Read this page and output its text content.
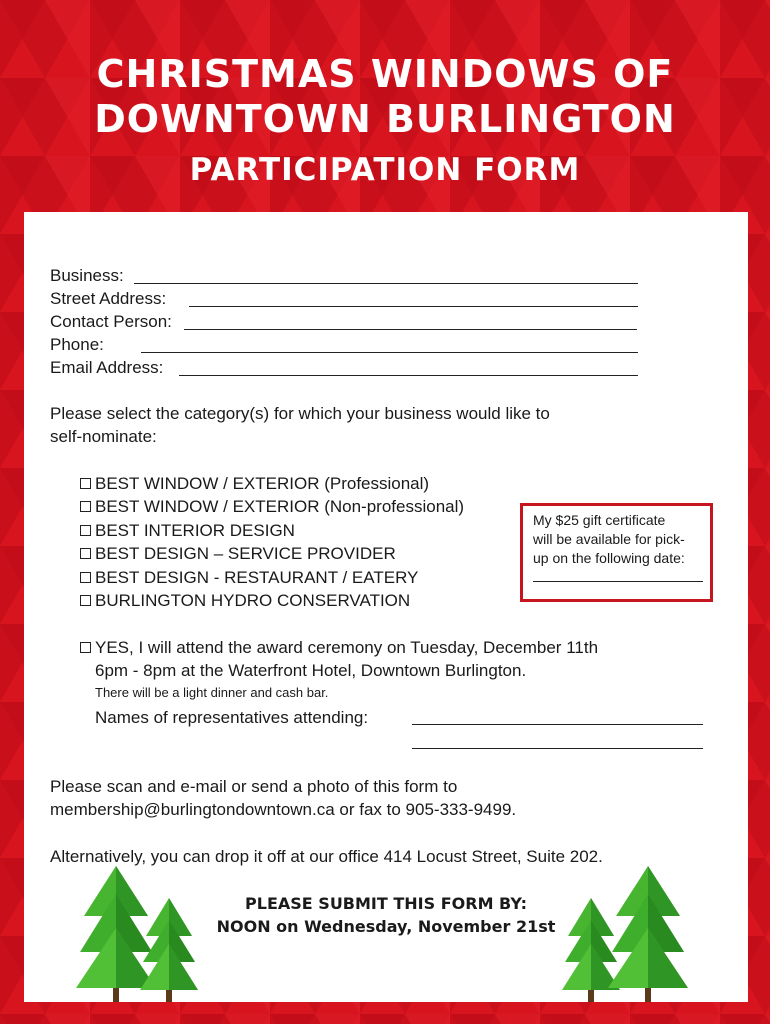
CHRISTMAS WINDOWS OF
DOWNTOWN BURLINGTON
PARTICIPATION FORM
Business:
Street Address:
Contact Person:
Phone:
Email Address:
Please select the category(s) for which your business would like to
self-nominate:
BEST WINDOW / EXTERIOR (Professional)
BEST WINDOW / EXTERIOR (Non-professional)
BEST INTERIOR DESIGN
BEST DESIGN – SERVICE PROVIDER
BEST DESIGN - RESTAURANT / EATERY
BURLINGTON HYDRO CONSERVATION
My $25 gift certificate
will be available for pick-
up on the following date:
YES, I will attend the award ceremony on Tuesday, December 11th
6pm - 8pm at the Waterfront Hotel, Downtown Burlington.
There will be a light dinner and cash bar.
Names of representatives attending:
Please scan and e-mail or send a photo of this form to
membership@burlingtondowntown.ca or fax to 905-333-9499.
Alternatively, you can drop it off at our office 414 Locust Street, Suite 202.
PLEASE SUBMIT THIS FORM BY:
NOON on Wednesday, November 21st
